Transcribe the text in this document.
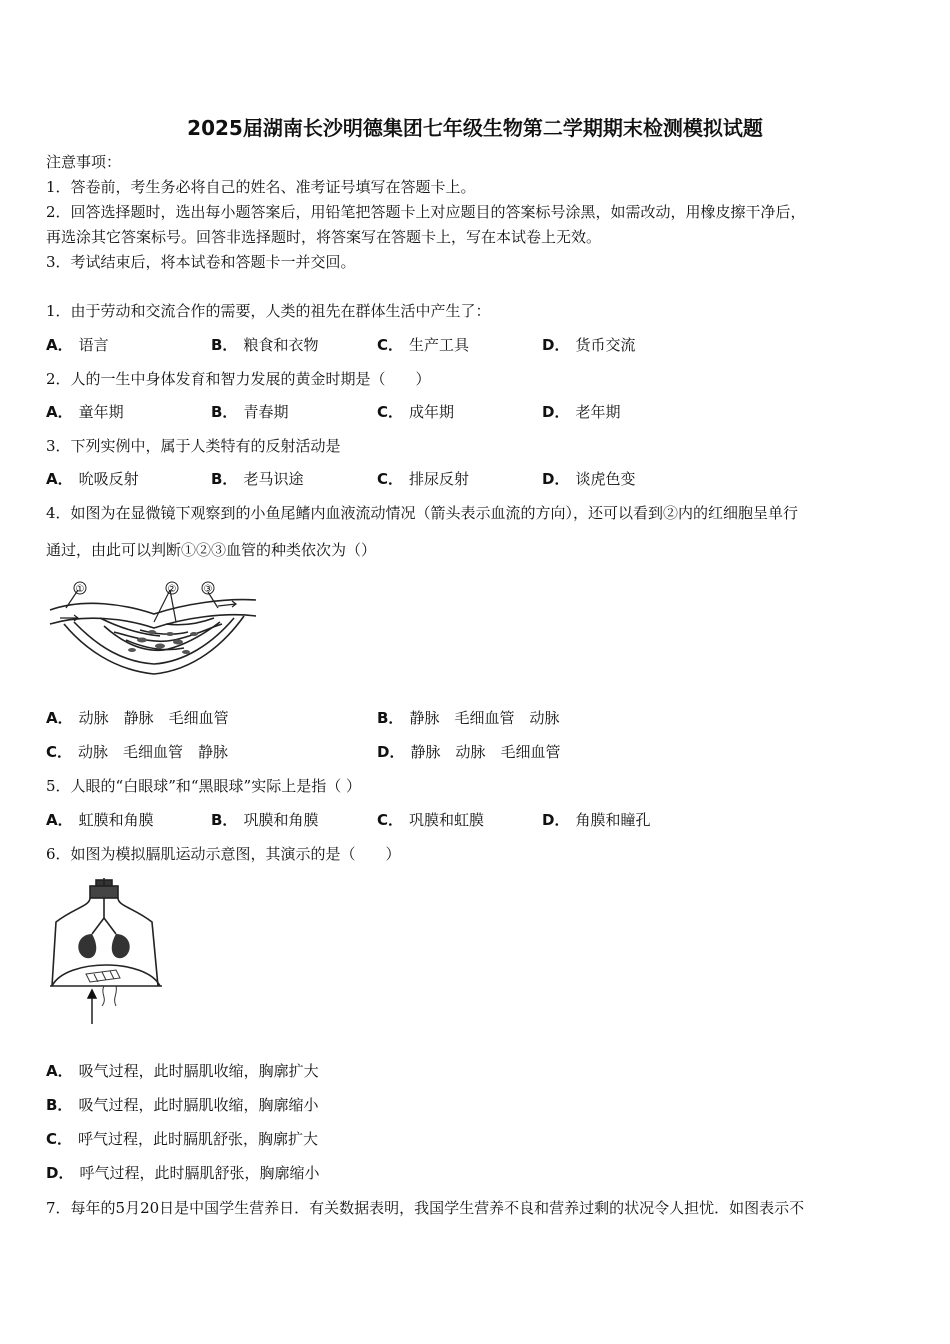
2025届湖南长沙明德集团七年级生物第二学期期末检测模拟试题
注意事项：
1．答卷前，考生务必将自己的姓名、准考证号填写在答题卡上。
2．回答选择题时，选出每小题答案后，用铅笔把答题卡上对应题目的答案标号涂黑，如需改动，用橡皮擦干净后，
再选涂其它答案标号。回答非选择题时，将答案写在答题卡上，写在本试卷上无效。
3．考试结束后，将本试卷和答题卡一并交回。
1．由于劳动和交流合作的需要，人类的祖先在群体生活中产生了：
A． 语言	B． 粮食和衣物	C． 生产工具	D． 货币交流
2．人的一生中身体发育和智力发展的黄金时期是（　　）
A． 童年期	B． 青春期	C． 成年期	D． 老年期
3．下列实例中，属于人类特有的反射活动是
A． 吮吸反射	B． 老马识途	C． 排尿反射	D． 谈虎色变
4．如图为在显微镜下观察到的小鱼尾鳍内血液流动情况（箭头表示血流的方向），还可以看到②内的红细胞呈单行
通过，由此可以判断①②③血管的种类依次为（）
①	②	③
A． 动脉　静脉　毛细血管	B． 静脉　毛细血管　动脉
C． 动脉　毛细血管　静脉	D． 静脉　动脉　毛细血管
5．人眼的“白眼球”和“黑眼球”实际上是指（ ）
A． 虹膜和角膜	B． 巩膜和角膜	C． 巩膜和虹膜	D． 角膜和瞳孔
6．如图为模拟膈肌运动示意图，其演示的是（　　）
A． 吸气过程，此时膈肌收缩，胸廓扩大
B． 吸气过程，此时膈肌收缩，胸廓缩小
C． 呼气过程，此时膈肌舒张，胸廓扩大
D． 呼气过程，此时膈肌舒张，胸廓缩小
7．每年的5月20日是中国学生营养日．有关数据表明，我国学生营养不良和营养过剩的状况令人担忧．如图表示不
